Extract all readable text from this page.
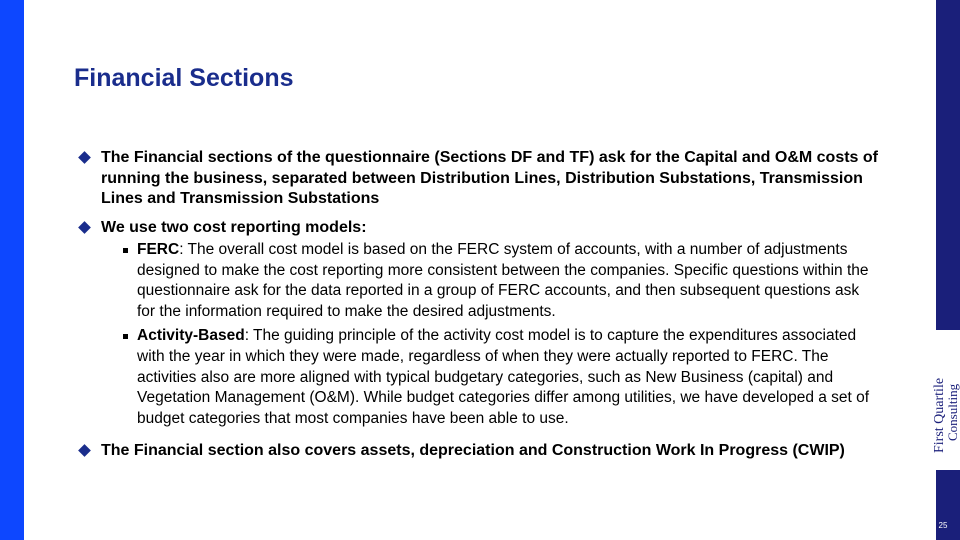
Financial Sections
The Financial sections of the questionnaire (Sections DF and TF) ask for the Capital and O&M costs of running the business, separated between Distribution Lines, Distribution Substations, Transmission Lines and Transmission Substations
We use two cost reporting models:
FERC: The overall cost model is based on the FERC system of accounts, with a number of adjustments designed to make the cost reporting more consistent between the companies. Specific questions within the questionnaire ask for the data reported in a group of FERC accounts, and then subsequent questions ask for the information required to make the desired adjustments.
Activity-Based: The guiding principle of the activity cost model is to capture the expenditures associated with the year in which they were made, regardless of when they were actually reported to FERC. The activities also are more aligned with typical budgetary categories, such as New Business (capital) and Vegetation Management (O&M). While budget categories differ among utilities, we have developed a set of budget categories that most companies have been able to use.
The Financial section also covers assets, depreciation and Construction Work In Progress (CWIP)	First Quartile
Consulting
25
